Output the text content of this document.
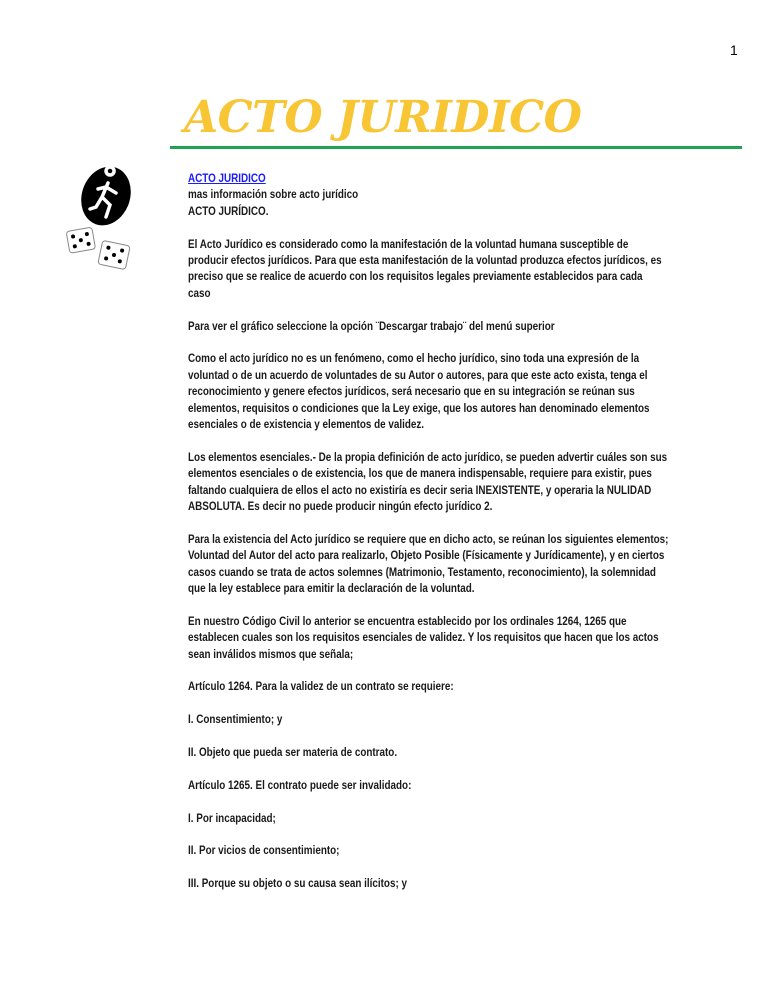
1
ACTO JURIDICO
ACTO JURIDICO
mas información sobre acto jurídico
ACTO JURÍDICO.
El Acto Jurídico es considerado como la manifestación de la voluntad humana susceptible de
producir efectos jurídicos. Para que esta manifestación de la voluntad produzca efectos jurídicos, es
preciso que se realice de acuerdo con los requisitos legales previamente establecidos para cada
caso
Para ver el gráfico seleccione la opción ¨Descargar trabajo¨ del menú superior
Como el acto jurídico no es un fenómeno, como el hecho jurídico, sino toda una expresión de la
voluntad o de un acuerdo de voluntades de su Autor o autores, para que este acto exista, tenga el
reconocimiento y genere efectos jurídicos, será necesario que en su integración se reúnan sus
elementos, requisitos o condiciones que la Ley exige, que los autores han denominado elementos
esenciales o de existencia y elementos de validez.
Los elementos esenciales.- De la propia definición de acto jurídico, se pueden advertir cuáles son sus
elementos esenciales o de existencia, los que de manera indispensable, requiere para existir, pues
faltando cualquiera de ellos el acto no existiría es decir seria INEXISTENTE, y operaria la NULIDAD
ABSOLUTA. Es decir no puede producir ningún efecto jurídico 2.
Para la existencia del Acto jurídico se requiere que en dicho acto, se reúnan los siguientes elementos;
Voluntad del Autor del acto para realizarlo, Objeto Posible (Físicamente y Jurídicamente), y en ciertos
casos cuando se trata de actos solemnes (Matrimonio, Testamento, reconocimiento), la solemnidad
que la ley establece para emitir la declaración de la voluntad.
En nuestro Código Civil lo anterior se encuentra establecido por los ordinales 1264, 1265 que
establecen cuales son los requisitos esenciales de validez. Y los requisitos que hacen que los actos
sean inválidos mismos que señala;
Artículo 1264. Para la validez de un contrato se requiere:
I. Consentimiento; y
II. Objeto que pueda ser materia de contrato.
Artículo 1265. El contrato puede ser invalidado:
I. Por incapacidad;
II. Por vicios de consentimiento;
III. Porque su objeto o su causa sean ilícitos; y
